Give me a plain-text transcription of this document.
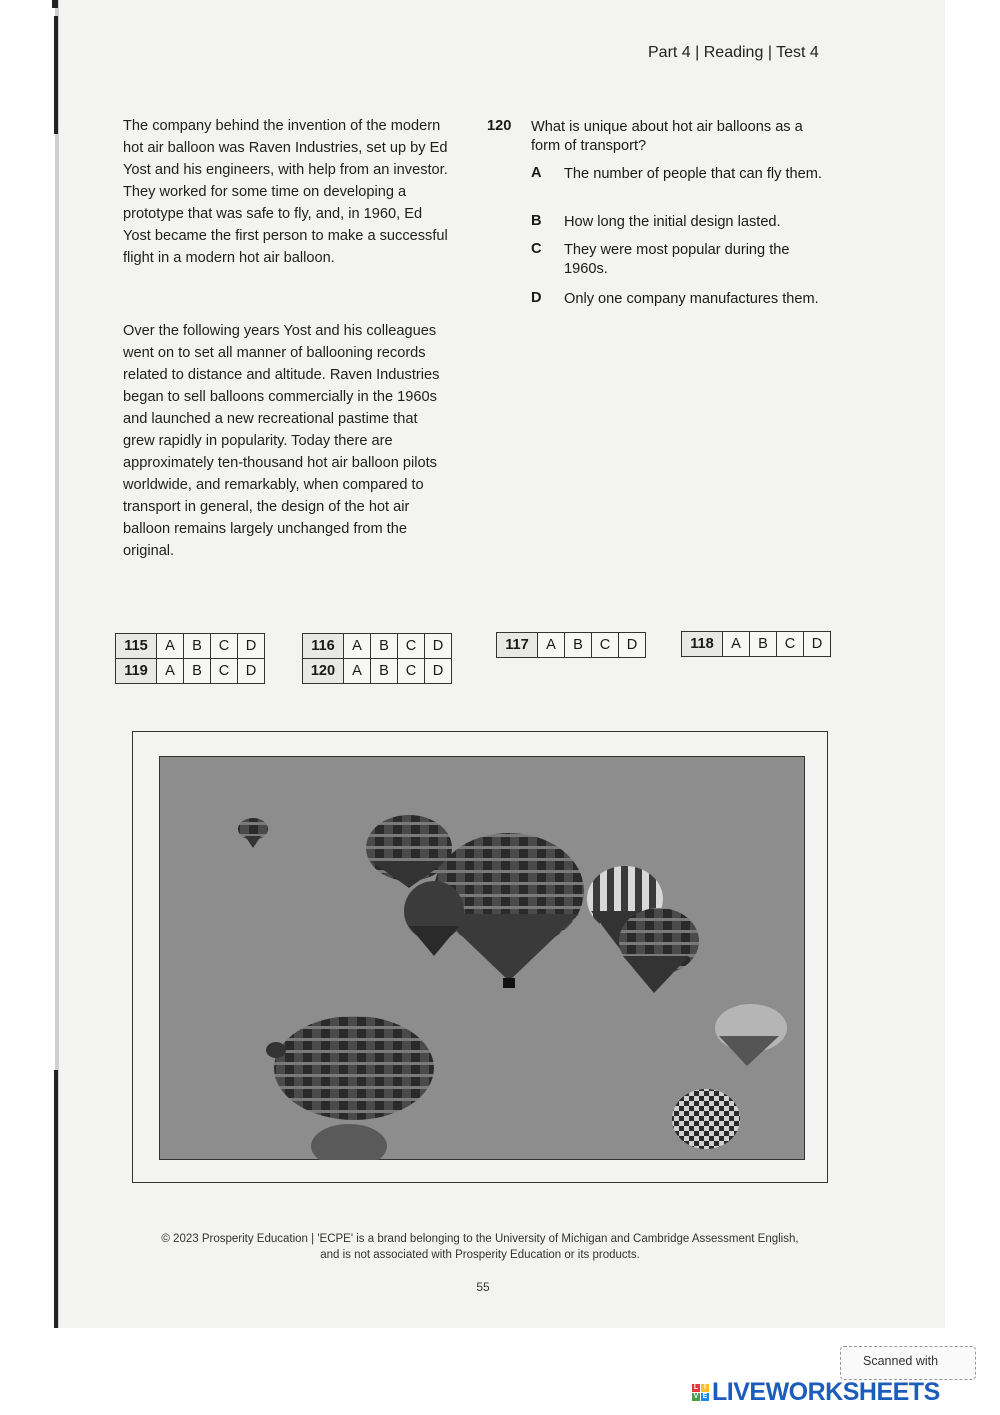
Part 4 | Reading | Test 4

The company behind the invention of the modern hot air balloon was Raven Industries, set up by Ed Yost and his engineers, with help from an investor. They worked for some time on developing a prototype that was safe to fly, and, in 1960, Ed Yost became the first person to make a successful flight in a modern hot air balloon.

Over the following years Yost and his colleagues went on to set all manner of ballooning records related to distance and altitude. Raven Industries began to sell balloons commercially in the 1960s and launched a new recreational pastime that grew rapidly in popularity. Today there are approximately ten-thousand hot air balloon pilots worldwide, and remarkably, when compared to transport in general, the design of the hot air balloon remains largely unchanged from the original.

120 What is unique about hot air balloons as a form of transport?
A The number of people that can fly them.
B How long the initial design lasted.
C They were most popular during the 1960s.
D Only one company manufactures them.
115	A	B	C	D
119	A	B	C	D
116	A	B	C	D
120	A	B	C	D
117	A	B	C	D	118	A	B	C	D
© 2023 Prosperity Education | 'ECPE' is a brand belonging to the University of Michigan and Cambridge Assessment English,
and is not associated with Prosperity Education or its products.
55
Scanned with
L I
V E LIVEWORKSHEETS
